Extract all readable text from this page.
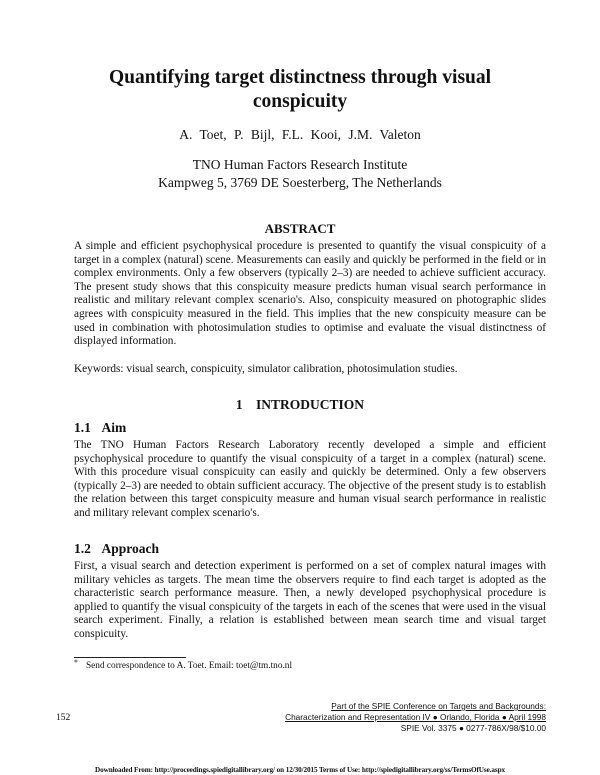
Quantifying target distinctness through visual conspicuity
A. Toet, P. Bijl, F.L. Kooi, J.M. Valeton
TNO Human Factors Research Institute
Kampweg 5, 3769 DE Soesterberg, The Netherlands
ABSTRACT
A simple and efficient psychophysical procedure is presented to quantify the visual conspicuity of a target in a complex (natural) scene. Measurements can easily and quickly be performed in the field or in complex environments. Only a few observers (typically 2–3) are needed to achieve sufficient accuracy. The present study shows that this conspicuity measure predicts human visual search performance in realistic and military relevant complex scenario's. Also, conspicuity measured on photographic slides agrees with conspicuity measured in the field. This implies that the new conspicuity measure can be used in combination with photosimulation studies to optimise and evaluate the visual distinctness of displayed information.
Keywords: visual search, conspicuity, simulator calibration, photosimulation studies.
1 INTRODUCTION
1.1 Aim
The TNO Human Factors Research Laboratory recently developed a simple and efficient psychophysical procedure to quantify the visual conspicuity of a target in a complex (natural) scene. With this procedure visual conspicuity can easily and quickly be determined. Only a few observers (typically 2–3) are needed to obtain sufficient accuracy. The objective of the present study is to establish the relation between this target conspicuity measure and human visual search performance in realistic and military relevant complex scenario's.
1.2 Approach
First, a visual search and detection experiment is performed on a set of complex natural images with military vehicles as targets. The mean time the observers require to find each target is adopted as the characteristic search performance measure. Then, a newly developed psychophysical procedure is applied to quantify the visual conspicuity of the targets in each of the scenes that were used in the visual search experiment. Finally, a relation is established between mean search time and visual target conspicuity.
* Send correspondence to A. Toet. Email: toet@tm.tno.nl
152
Part of the SPIE Conference on Targets and Backgrounds:
Characterization and Representation IV ● Orlando, Florida ● April 1998
SPIE Vol. 3375 ● 0277-786X/98/$10.00
Downloaded From: http://proceedings.spiedigitallibrary.org/ on 12/30/2015 Terms of Use: http://spiedigitallibrary.org/ss/TermsOfUse.aspx
